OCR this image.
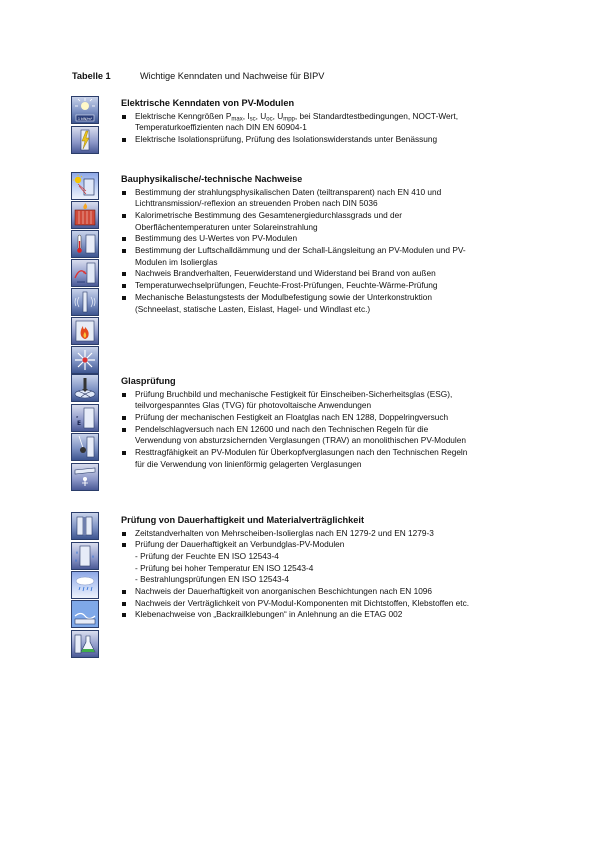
Tabelle 1	Wichtige Kenndaten und Nachweise für BIPV
1 kW/m²
E
σ
Elektrische Kenndaten von PV-Modulen
Elektrische Kenngrößen $P_{max}$, $I_{sc}$, $U_{oc}$, $U_{mpp}$, bei Standardtestbedingungen, NOCT-Wert,
Temperaturkoeffizienten nach DIN EN 60904-1
Elektrische Isolationsprüfung, Prüfung des Isolationswiderstands unter Benässung
Bauphysikalische/-technische Nachweise
Bestimmung der strahlungsphysikalischen Daten (teiltransparent) nach EN 410 und
Lichttransmission/-reflexion an streuenden Proben nach DIN 5036
Kalorimetrische Bestimmung des Gesamtenergiedurchlassgrads und der
Oberflächentemperaturen unter Solareinstrahlung
Bestimmung des U-Wertes von PV-Modulen
Bestimmung der Luftschalldämmung und der Schall-Längsleitung an PV-Modulen und PV-
Modulen im Isolierglas
Nachweis Brandverhalten, Feuerwiderstand und Widerstand bei Brand von außen
Temperaturwechselprüfungen, Feuchte-Frost-Prüfungen, Feuchte-Wärme-Prüfung
Mechanische Belastungstests der Modulbefestigung sowie der Unterkonstruktion
(Schneelast, statische Lasten, Eislast, Hagel- und Windlast etc.)
Glasprüfung
Prüfung Bruchbild und mechanische Festigkeit für Einscheiben-Sicherheitsglas (ESG),
teilvorgespanntes Glas (TVG) für photovoltaische Anwendungen
Prüfung der mechanischen Festigkeit an Floatglas nach EN 1288, Doppelringversuch
Pendelschlagversuch nach EN 12600 und nach den Technischen Regeln für die
Verwendung von absturzsichernden Verglasungen (TRAV) an monolithischen PV-Modulen
Resttragfähigkeit an PV-Modulen für Überkopfverglasungen nach den Technischen Regeln
für die Verwendung von linienförmig gelagerten Verglasungen
Prüfung von Dauerhaftigkeit und Materialverträglichkeit
Zeitstandverhalten von Mehrscheiben-Isolierglas nach EN 1279-2 und EN 1279-3
Prüfung der Dauerhaftigkeit an Verbundglas-PV-Modulen
- Prüfung der Feuchte EN ISO 12543-4
- Prüfung bei hoher Temperatur EN ISO 12543-4
- Bestrahlungsprüfungen EN ISO 12543-4
Nachweis der Dauerhaftigkeit von anorganischen Beschichtungen nach EN 1096
Nachweis der Verträglichkeit von PV-Modul-Komponenten mit Dichtstoffen, Klebstoffen etc.
Klebenachweise von „Backrailklebungen“ in Anlehnung an die ETAG 002
